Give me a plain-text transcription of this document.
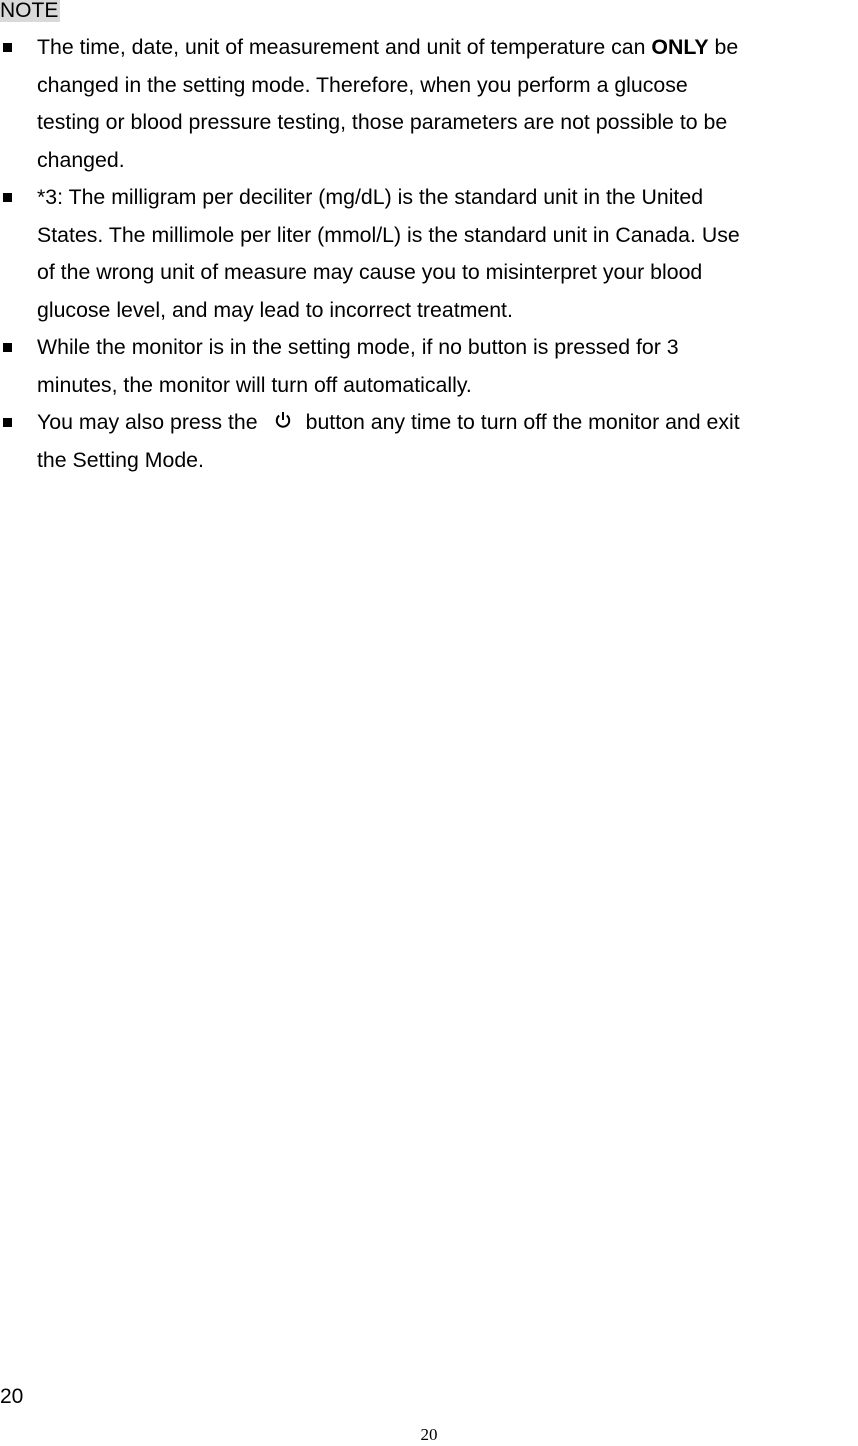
NOTE
The time, date, unit of measurement and unit of temperature can ONLY be
changed in the setting mode. Therefore, when you perform a glucose
testing or blood pressure testing, those parameters are not possible to be
changed.
*3: The milligram per deciliter (mg/dL) is the standard unit in the United
States. The millimole per liter (mmol/L) is the standard unit in Canada. Use
of the wrong unit of measure may cause you to misinterpret your blood
glucose level, and may lead to incorrect treatment.
While the monitor is in the setting mode, if no button is pressed for 3
minutes, the monitor will turn off automatically.
You may also press the button any time to turn off the monitor and exit
the Setting Mode.
20
20
